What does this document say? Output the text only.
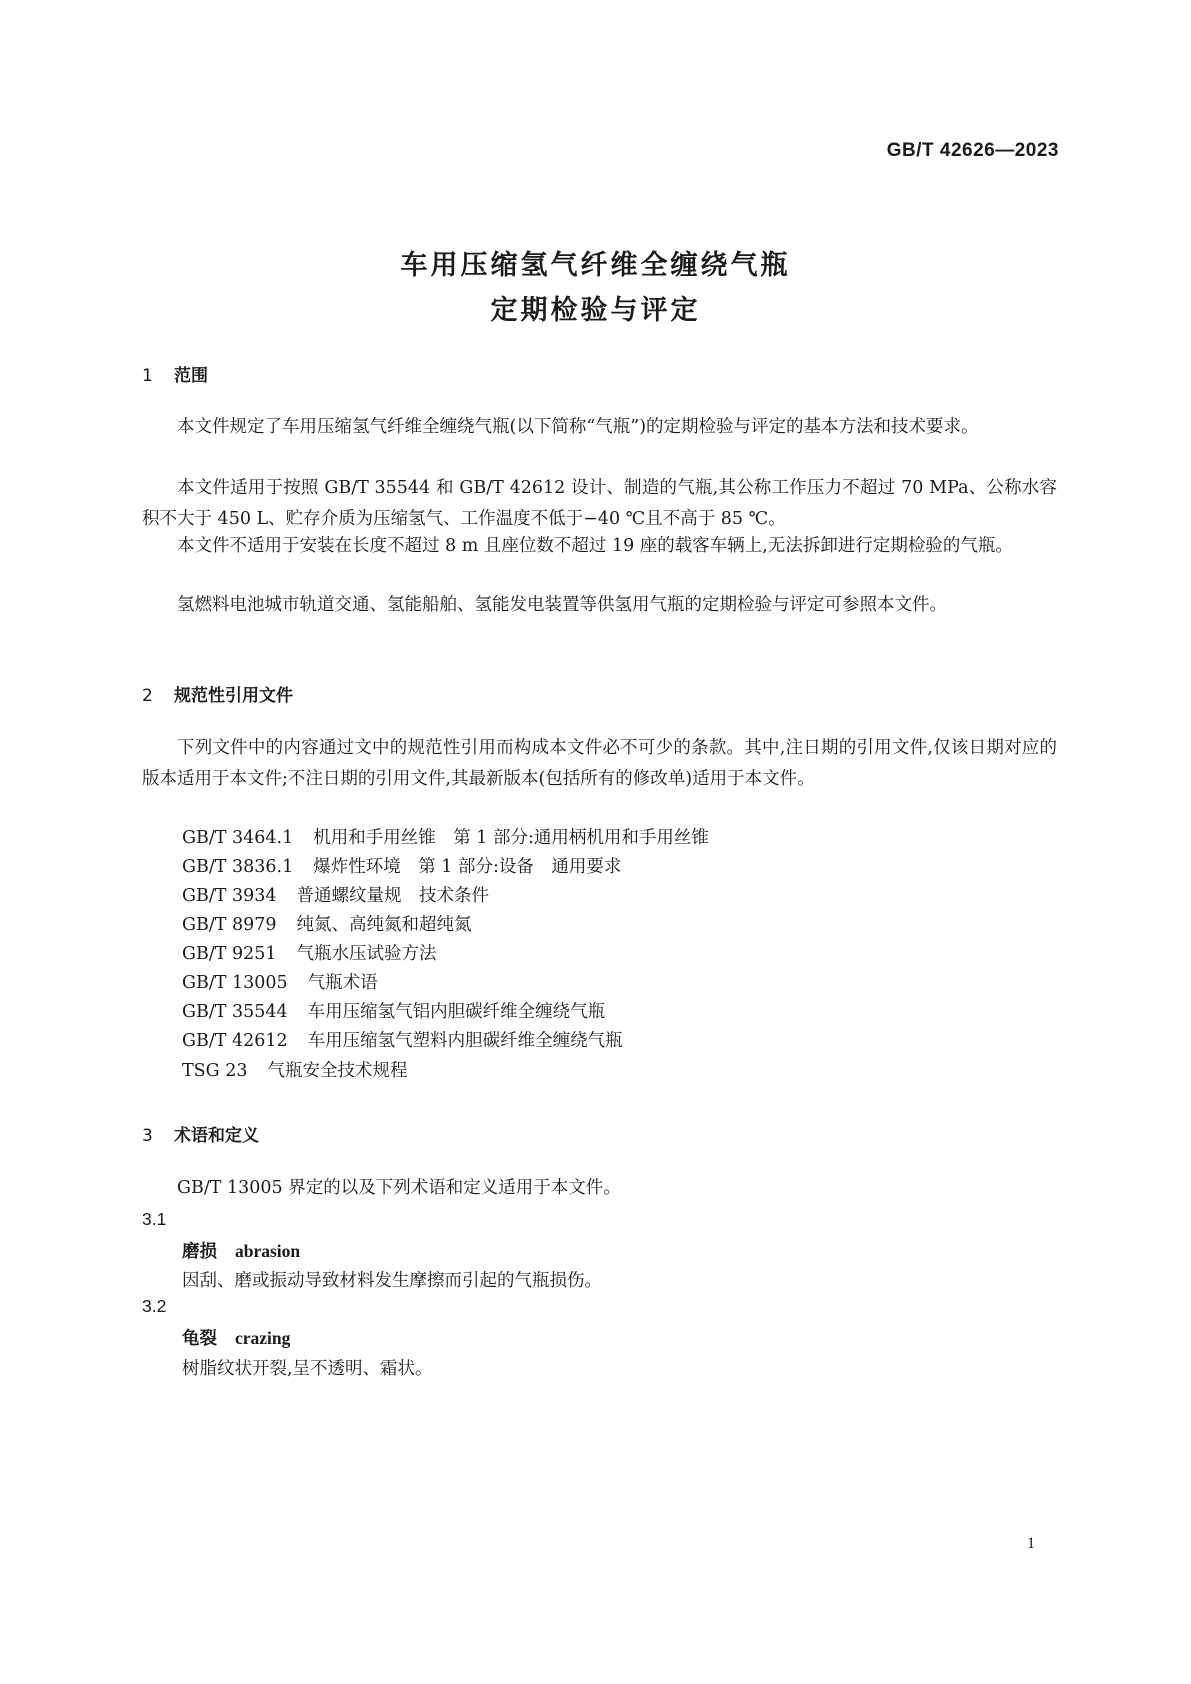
GB/T 42626—2023
车用压缩氢气纤维全缠绕气瓶
定期检验与评定
1 范围

本文件规定了车用压缩氢气纤维全缠绕气瓶(以下简称“气瓶”)的定期检验与评定的基本方法和技术要求。

本文件适用于按照 GB/T 35544 和 GB/T 42612 设计、制造的气瓶,其公称工作压力不超过 70 MPa、公称水容积不大于 450 L、贮存介质为压缩氢气、工作温度不低于−40 ℃且不高于 85 ℃。

本文件不适用于安装在长度不超过 8 m 且座位数不超过 19 座的载客车辆上,无法拆卸进行定期检验的气瓶。

氢燃料电池城市轨道交通、氢能船舶、氢能发电装置等供氢用气瓶的定期检验与评定可参照本文件。

2 规范性引用文件

下列文件中的内容通过文中的规范性引用而构成本文件必不可少的条款。其中,注日期的引用文件,仅该日期对应的版本适用于本文件;不注日期的引用文件,其最新版本(包括所有的修改单)适用于本文件。

GB/T 3464.1 机用和手用丝锥　第 1 部分:通用柄机用和手用丝锥
GB/T 3836.1 爆炸性环境　第 1 部分:设备　通用要求
GB/T 3934 普通螺纹量规　技术条件
GB/T 8979 纯氮、高纯氮和超纯氮
GB/T 9251 气瓶水压试验方法
GB/T 13005 气瓶术语
GB/T 35544 车用压缩氢气铝内胆碳纤维全缠绕气瓶
GB/T 42612 车用压缩氢气塑料内胆碳纤维全缠绕气瓶
TSG 23 气瓶安全技术规程
3 术语和定义

GB/T 13005 界定的以及下列术语和定义适用于本文件。

3.1
磨损 abrasion
因刮、磨或振动导致材料发生摩擦而引起的气瓶损伤。
3.2
龟裂 crazing
树脂纹状开裂,呈不透明、霜状。
1
